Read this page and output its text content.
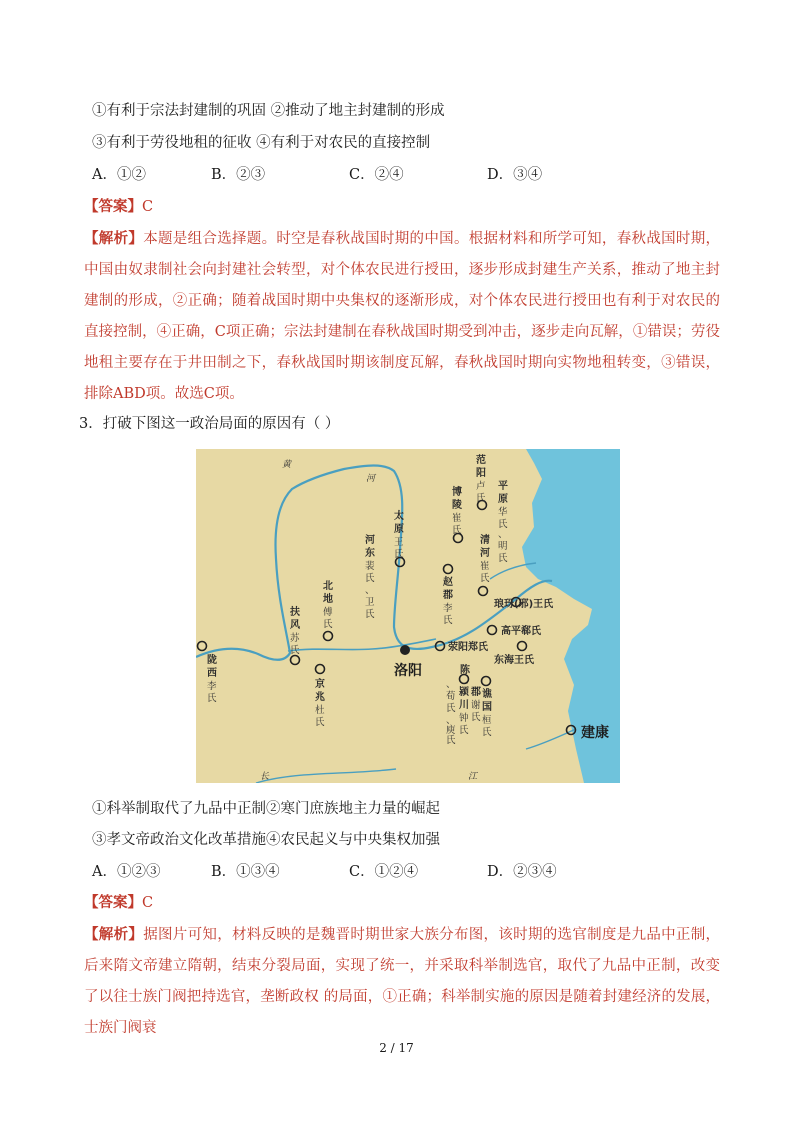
①有利于宗法封建制的巩固 ②推动了地主封建制的形成
③有利于劳役地租的征收 ④有利于对农民的直接控制
A．①②	B．②③	C．②④	D．③④
【答案】C
【解析】本题是组合选择题。时空是春秋战国时期的中国。根据材料和所学可知，春秋战国时期，中国由奴隶制社会向封建社会转型，对个体农民进行授田，逐步形成封建生产关系，推动了地主封建制的形成，②正确；随着战国时期中央集权的逐渐形成，对个体农民进行授田也有利于对农民的直接控制，④正确，C项正确；宗法封建制在春秋战国时期受到冲击，逐步走向瓦解，①错误；劳役地租主要存在于井田制之下，春秋战国时期该制度瓦解，春秋战国时期向实物地租转变，③错误，排除ABD项。故选C项。
3．打破下图这一政治局面的原因有（ ）
黄
河
长	江
洛阳
建康
范
阳
卢
氏
平
原
华
氏
、
明
氏
博
陵
崔
氏
太
原
王
氏
清
河
崔
氏
河
东
裴
氏
、
卫
氏
赵
郡
李
氏
北
地
傅
氏
扶
风
苏
氏
陇
西
李
氏
京
兆
杜
氏
颍
川
钟
氏
、
荀
氏
、
庾
氏
陈
郡
谢
氏
谯
国
桓
氏
琅玡(邪)王氏
高平郗氏
东海王氏
荥阳郑氏
①科举制取代了九品中正制②寒门庶族地主力量的崛起
③孝文帝政治文化改革措施④农民起义与中央集权加强
A．①②③	B．①③④	C．①②④	D．②③④
【答案】C
【解析】据图片可知，材料反映的是魏晋时期世家大族分布图，该时期的选官制度是九品中正制，后来隋文帝建立隋朝，结束分裂局面，实现了统一，并采取科举制选官，取代了九品中正制，改变了以往士族门阀把持选官，垄断政权 的局面，①正确；科举制实施的原因是随着封建经济的发展，士族门阀衰
2 / 17
